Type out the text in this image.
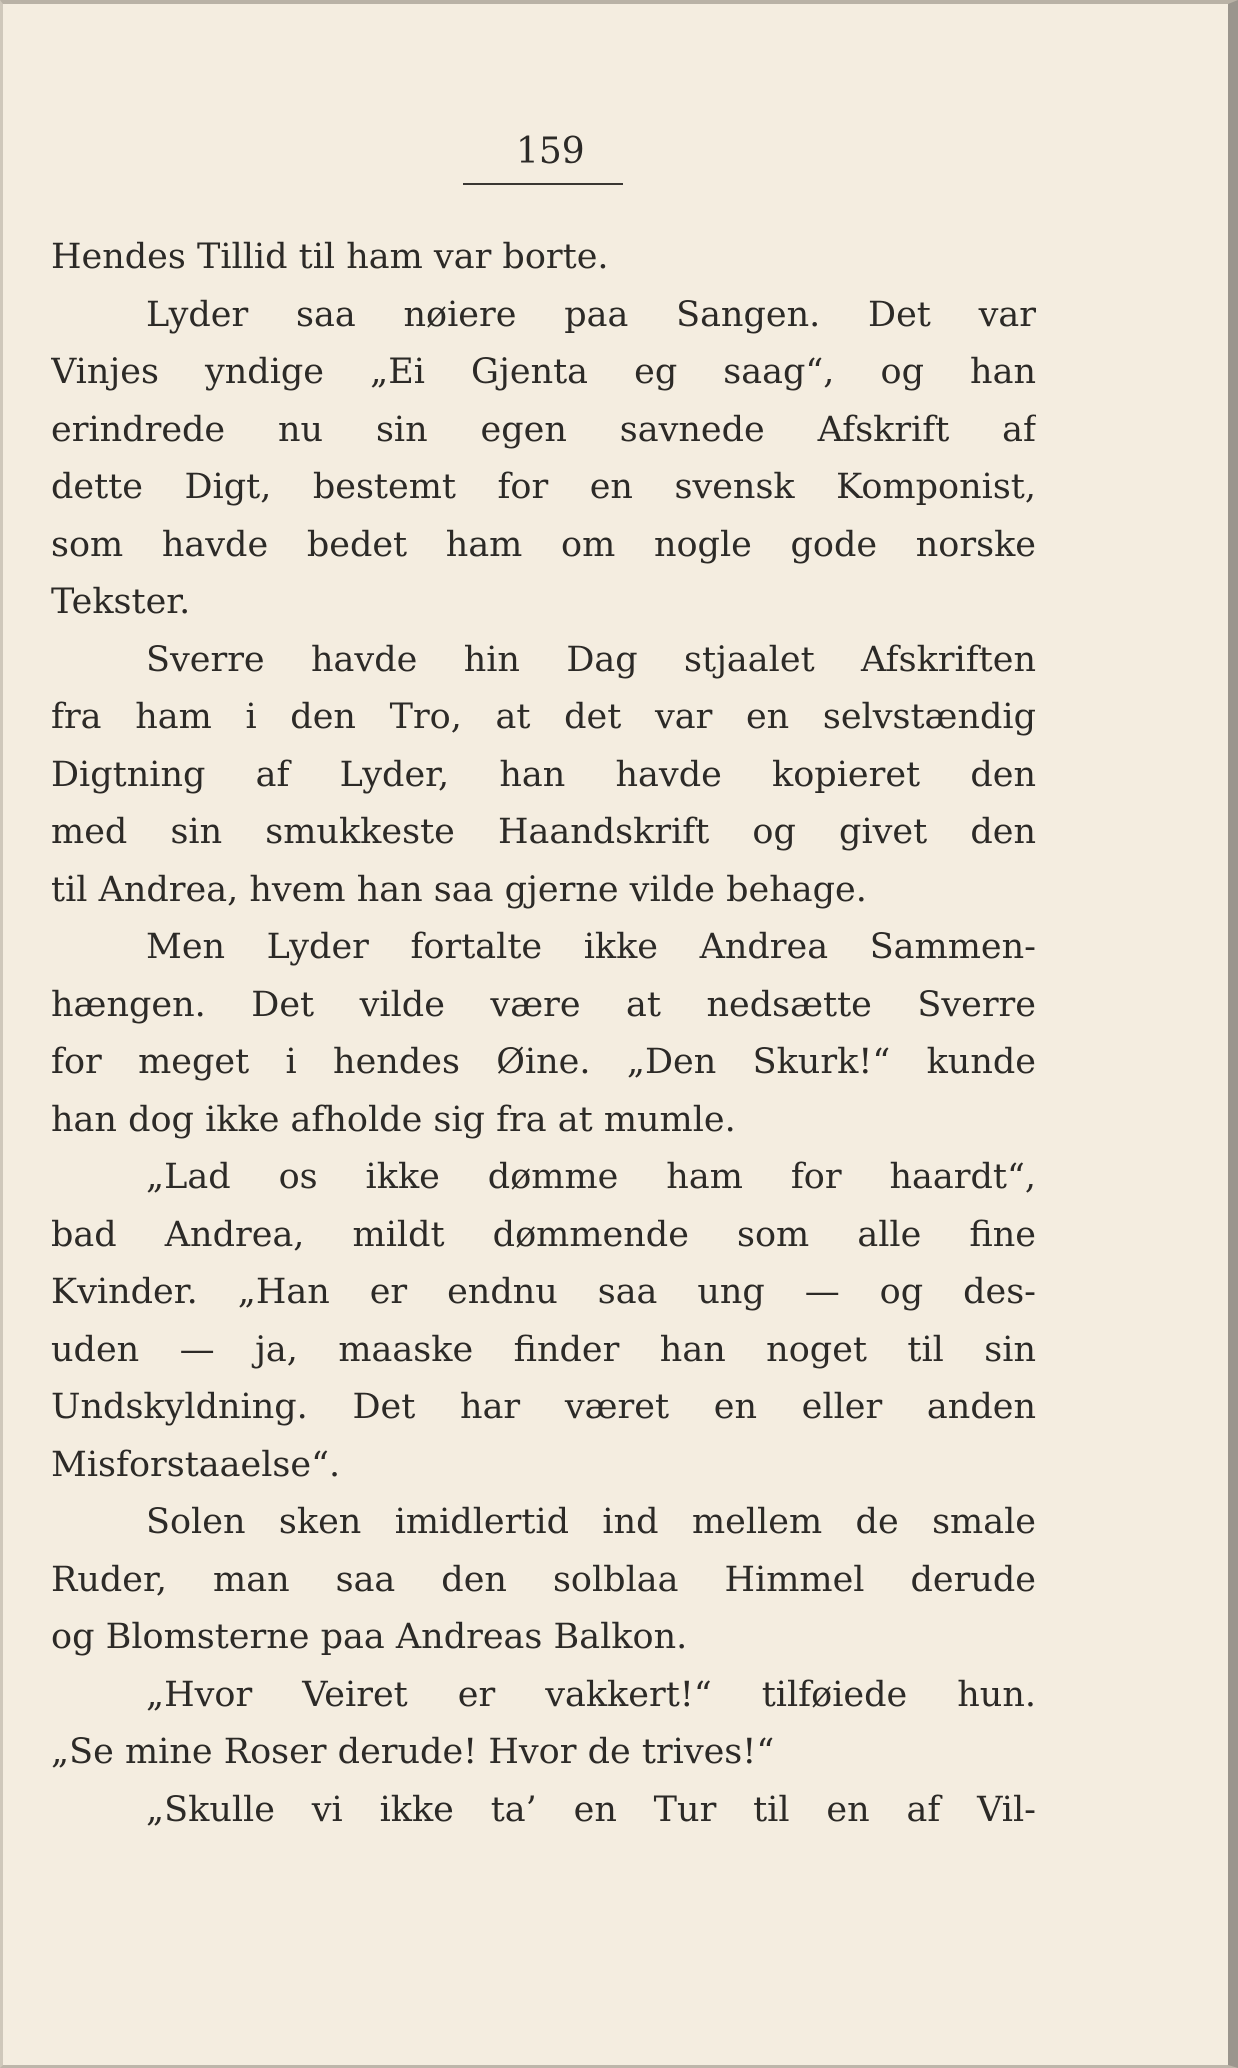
159
Hendes Tillid til ham var borte.
Lyder saa nøiere paa Sangen. Det var
Vinjes yndige „Ei Gjenta eg saag“, og han
erindrede nu sin egen savnede Afskrift af
dette Digt, bestemt for en svensk Komponist,
som havde bedet ham om nogle gode norske
Tekster.
Sverre havde hin Dag stjaalet Afskriften
fra ham i den Tro, at det var en selvstændig
Digtning af Lyder, han havde kopieret den
med sin smukkeste Haandskrift og givet den
til Andrea, hvem han saa gjerne vilde behage.
Men Lyder fortalte ikke Andrea Sammen-
hængen. Det vilde være at nedsætte Sverre
for meget i hendes Øine. „Den Skurk!“ kunde
han dog ikke afholde sig fra at mumle.
„Lad os ikke dømme ham for haardt“,
bad Andrea, mildt dømmende som alle fine
Kvinder. „Han er endnu saa ung — og des-
uden — ja, maaske finder han noget til sin
Undskyldning. Det har været en eller anden
Misforstaaelse“.
Solen sken imidlertid ind mellem de smale
Ruder, man saa den solblaa Himmel derude
og Blomsterne paa Andreas Balkon.
„Hvor Veiret er vakkert!“ tilføiede hun.
„Se mine Roser derude! Hvor de trives!“
„Skulle vi ikke ta’ en Tur til en af Vil-
